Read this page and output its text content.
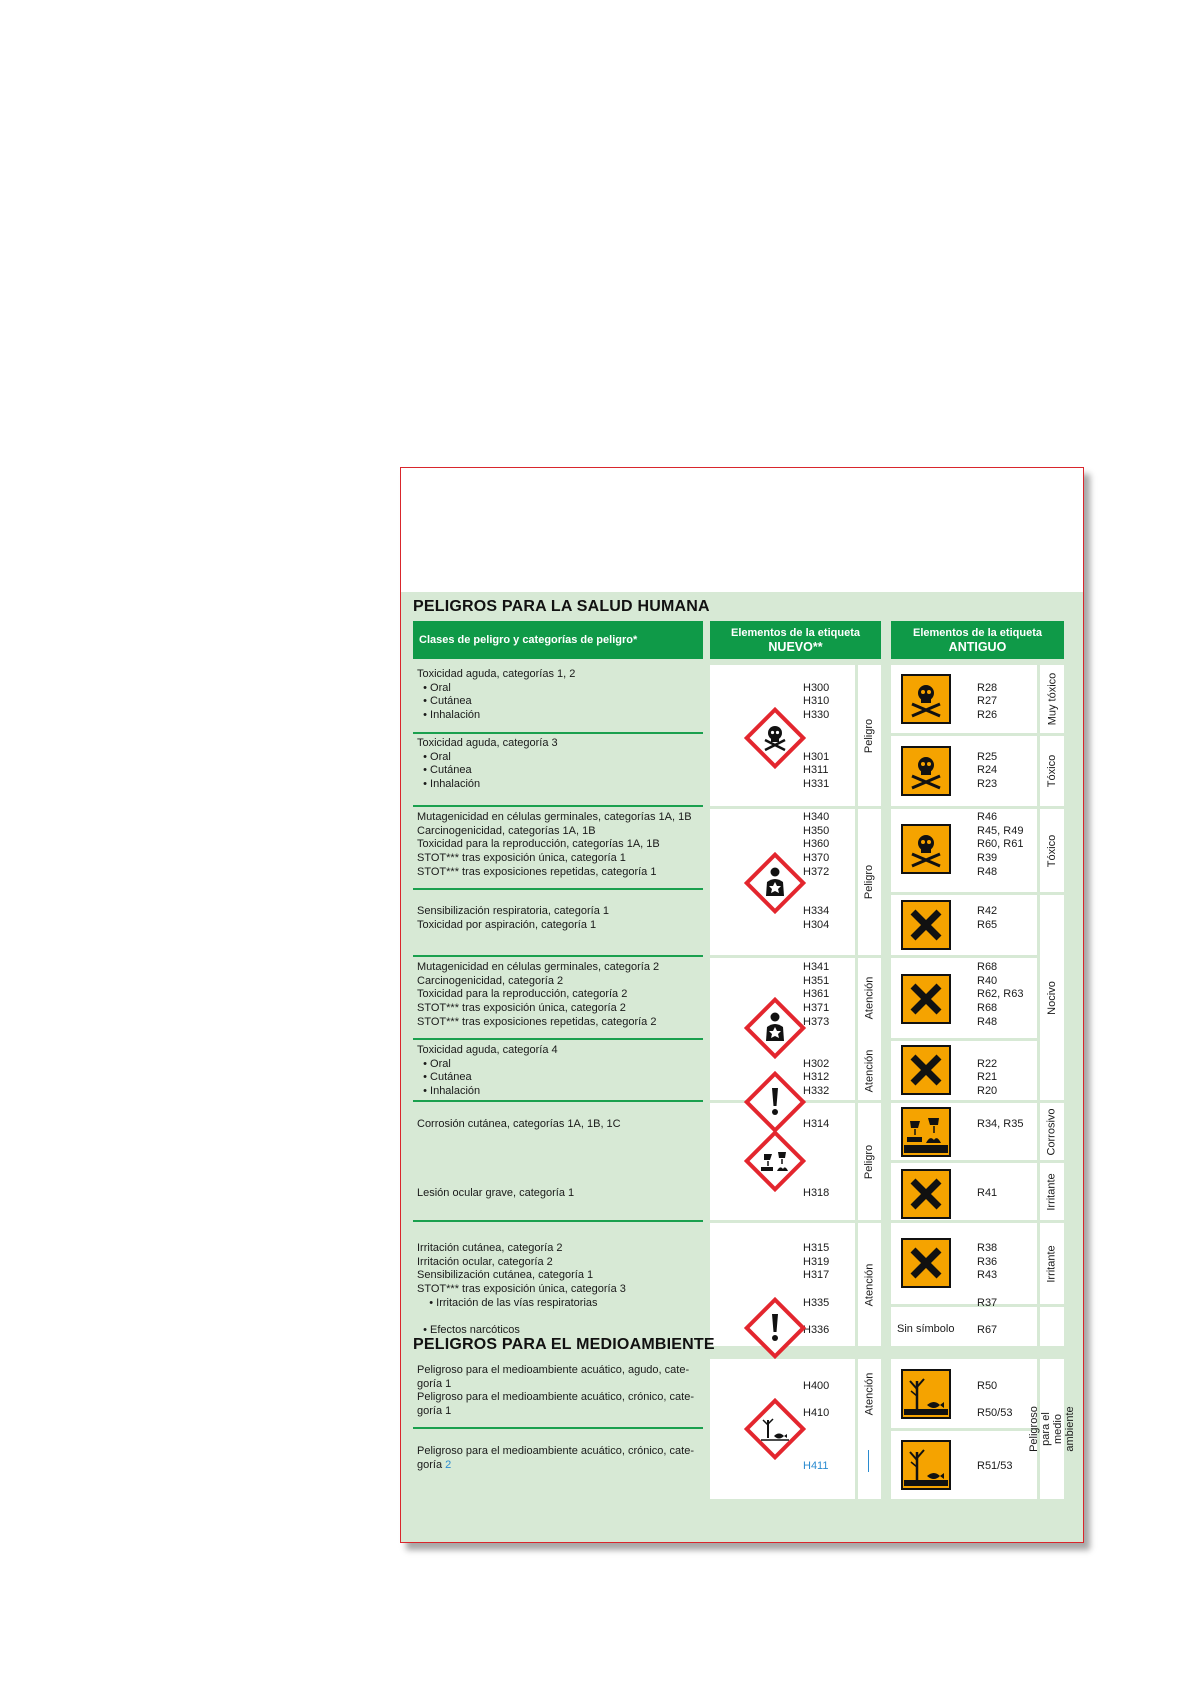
PELIGROS PARA LA SALUD HUMANA
Clases de peligro y categorías de peligro*
Elementos de la etiqueta
NUEVO**
Elementos de la etiqueta
ANTIGUO
Toxicidad aguda, categorías 1, 2
• Oral
• Cutánea
• Inhalación
Toxicidad aguda, categoría 3
• Oral
• Cutánea
• Inhalación
Mutagenicidad en células germinales, categorías 1A, 1B
Carcinogenicidad, categorías 1A, 1B
Toxicidad para la reproducción, categorías 1A, 1B
STOT*** tras exposición única, categoría 1
STOT*** tras exposiciones repetidas, categoría 1
Sensibilización respiratoria, categoría 1
Toxicidad por aspiración, categoría 1
Mutagenicidad en células germinales, categoría 2
Carcinogenicidad, categoría 2
Toxicidad para la reproducción, categoría 2
STOT*** tras exposición única, categoría 2
STOT*** tras exposiciones repetidas, categoría 2
Toxicidad aguda, categoría 4
• Oral
• Cutánea
• Inhalación
Corrosión cutánea, categorías 1A, 1B, 1C
Lesión ocular grave, categoría 1
Irritación cutánea, categoría 2
Irritación ocular, categoría 2
Sensibilización cutánea, categoría 1
STOT*** tras exposición única, categoría 3
• Irritación de las vías respiratorias
• Efectos narcóticos

H300
H310
H330

H301
H311
H331
H340
H350
H360
H370
H372
H334
H304
H341
H351
H361
H371
H373

H302
H312
H332
H314
H318
H315
H319
H317

H335
H336

R28
R27
R26

R25
R24
R23
R46
R45, R49
R60, R61
R39
R48
R42
R65
R68
R40
R62, R63
R68
R48

R22
R21
R20
R34, R35
R41
R38
R36
R43

R37
R67
Sin símbolo
Peligro
Peligro
Atención
Atención
Peligro
Atención
Atención
Muy tóxico
Tóxico
Tóxico
Nocivo
Corrosivo
Irritante
Irritante
Peligroso para el medio ambiente
PELIGROS PARA EL MEDIOAMBIENTE
Peligroso para el medioambiente acuático, agudo, cate-
goría 1
Peligroso para el medioambiente acuático, crónico, cate-
goría 1
Peligroso para el medioambiente acuático, crónico, cate-
goría 2
H400
H410
H411
R50
R50/53
R51/53
